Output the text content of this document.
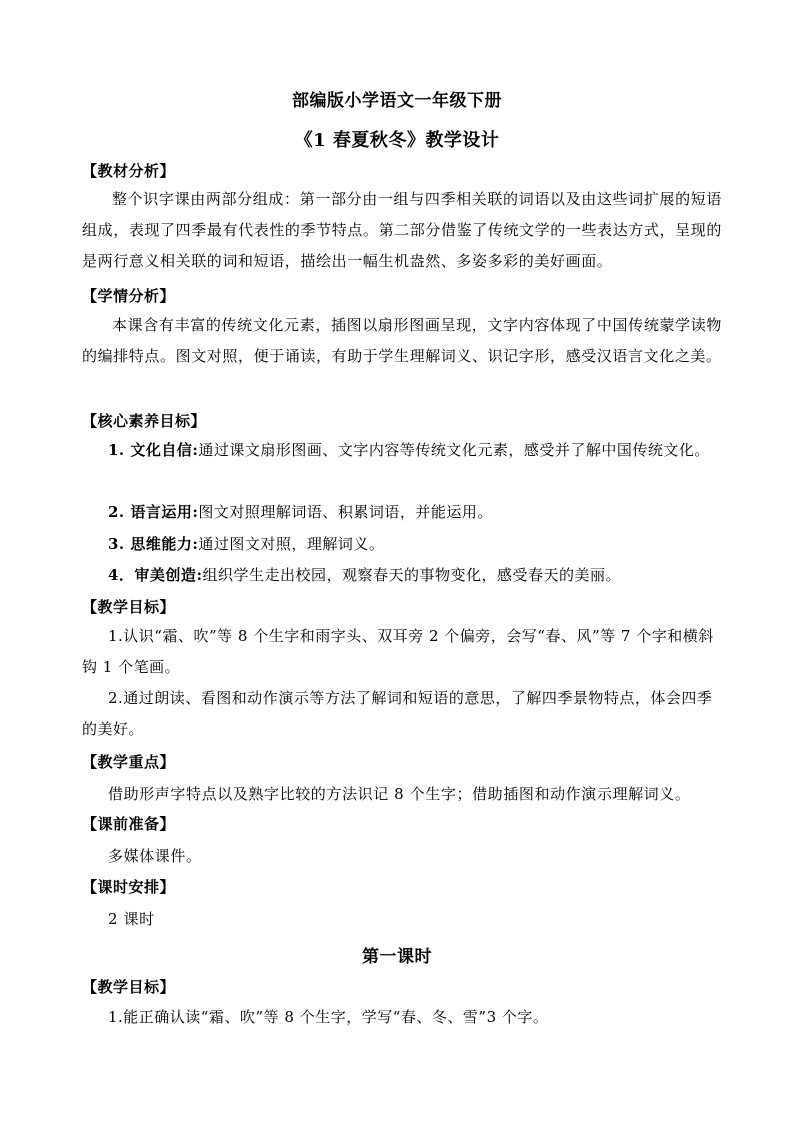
部编版小学语文一年级下册
《1 春夏秋冬》教学设计
【教材分析】
整个识字课由两部分组成：第一部分由一组与四季相关联的词语以及由这些词扩展的短语组成，表现了四季最有代表性的季节特点。第二部分借鉴了传统文学的一些表达方式，呈现的是两行意义相关联的词和短语，描绘出一幅生机盎然、多姿多彩的美好画面。
【学情分析】
本课含有丰富的传统文化元素，插图以扇形图画呈现，文字内容体现了中国传统蒙学读物的编排特点。图文对照，便于诵读，有助于学生理解词义、识记字形，感受汉语言文化之美。
【核心素养目标】
1. 文化自信:通过课文扇形图画、文字内容等传统文化元素，感受并了解中国传统文化。
2. 语言运用:图文对照理解词语、积累词语，并能运用。
3. 思维能力:通过图文对照，理解词义。
4．审美创造:组织学生走出校园，观察春天的事物变化，感受春天的美丽。
【教学目标】
1.认识“霜、吹”等 8 个生字和雨字头、双耳旁 2 个偏旁，会写“春、风”等 7 个字和横斜钩 1 个笔画。
2.通过朗读、看图和动作演示等方法了解词和短语的意思，了解四季景物特点，体会四季的美好。
【教学重点】
借助形声字特点以及熟字比较的方法识记 8 个生字；借助插图和动作演示理解词义。
【课前准备】
多媒体课件。
【课时安排】
2 课时
第一课时
【教学目标】
1.能正确认读“霜、吹”等 8 个生字，学写“春、冬、雪”3 个字。
